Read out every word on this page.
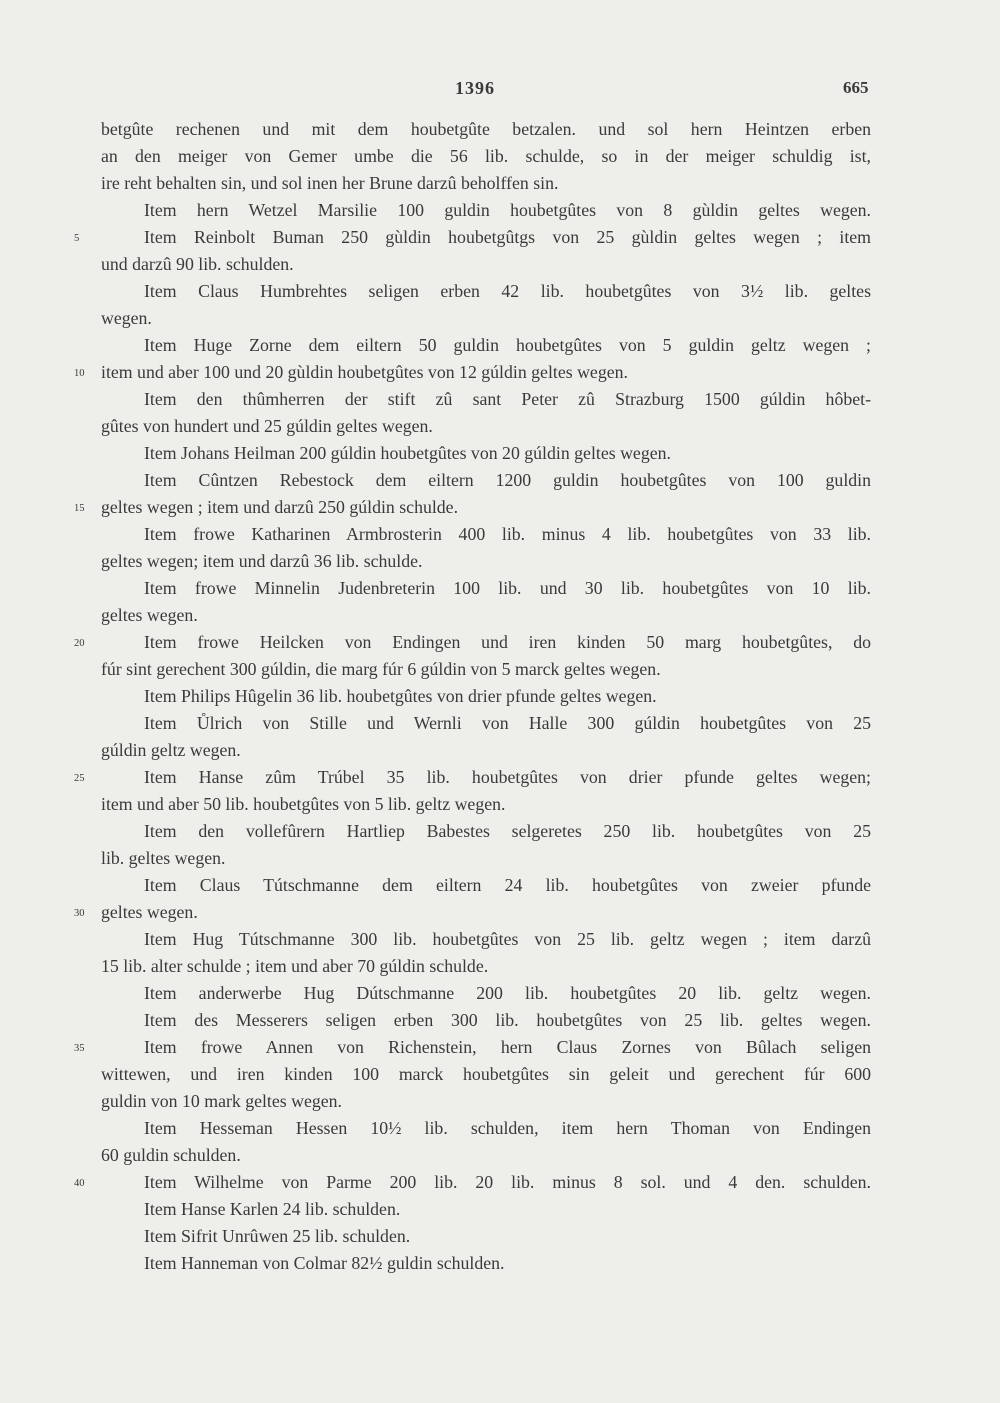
1396	665
betgûte rechenen und mit dem houbetgûte betzalen. und sol hern Heintzen erben
an den meiger von Gemer umbe die 56 lib. schulde, so in der meiger schuldig ist,
ire reht behalten sin, und sol inen her Brune darzû beholffen sin.
Item hern Wetzel Marsilie 100 guldin houbetgûtes von 8 gùldin geltes wegen.
5	Item Reinbolt Buman 250 gùldin houbetgûtgs von 25 gùldin geltes wegen ; item
und darzû 90 lib. schulden.
Item Claus Humbrehtes seligen erben 42 lib. houbetgûtes von 3½ lib. geltes
wegen.
Item Huge Zorne dem eiltern 50 guldin houbetgûtes von 5 guldin geltz wegen ;
10 item und aber 100 und 20 gùldin houbetgûtes von 12 gúldin geltes wegen.
Item den thûmherren der stift zû sant Peter zû Strazburg 1500 gúldin hôbet-
gûtes von hundert und 25 gúldin geltes wegen.
Item Johans Heilman 200 gúldin houbetgûtes von 20 gúldin geltes wegen.
Item Cûntzen Rebestock dem eiltern 1200 guldin houbetgûtes von 100 guldin
15 geltes wegen ; item und darzû 250 gúldin schulde.
Item frowe Katharinen Armbrosterin 400 lib. minus 4 lib. houbetgûtes von 33 lib.
geltes wegen; item und darzû 36 lib. schulde.
Item frowe Minnelin Judenbreterin 100 lib. und 30 lib. houbetgûtes von 10 lib.
geltes wegen.
20	Item frowe Heilcken von Endingen und iren kinden 50 marg houbetgûtes, do
fúr sint gerechent 300 gúldin, die marg fúr 6 gúldin von 5 marck geltes wegen.
Item Philips Hûgelin 36 lib. houbetgûtes von drier pfunde geltes wegen.
Item Ůlrich von Stille und Wernli von Halle 300 gúldin houbetgûtes von 25
gúldin geltz wegen.
25	Item Hanse zûm Trúbel 35 lib. houbetgûtes von drier pfunde geltes wegen;
item und aber 50 lib. houbetgûtes von 5 lib. geltz wegen.
Item den vollefûrern Hartliep Babestes selgeretes 250 lib. houbetgûtes von 25
lib. geltes wegen.
Item Claus Tútschmanne dem eiltern 24 lib. houbetgûtes von zweier pfunde
30 geltes wegen.
Item Hug Tútschmanne 300 lib. houbetgûtes von 25 lib. geltz wegen ; item darzû
15 lib. alter schulde ; item und aber 70 gúldin schulde.
Item anderwerbe Hug Dútschmanne 200 lib. houbetgûtes 20 lib. geltz wegen.
Item des Messerers seligen erben 300 lib. houbetgûtes von 25 lib. geltes wegen.
35	Item frowe Annen von Richenstein, hern Claus Zornes von Bûlach seligen
wittewen, und iren kinden 100 marck houbetgûtes sin geleit und gerechent fúr 600
guldin von 10 mark geltes wegen.
Item Hesseman Hessen 10½ lib. schulden, item hern Thoman von Endingen
60 guldin schulden.
40	Item Wilhelme von Parme 200 lib. 20 lib. minus 8 sol. und 4 den. schulden.
Item Hanse Karlen 24 lib. schulden.
Item Sifrit Unrûwen 25 lib. schulden.
Item Hanneman von Colmar 82½ guldin schulden.
